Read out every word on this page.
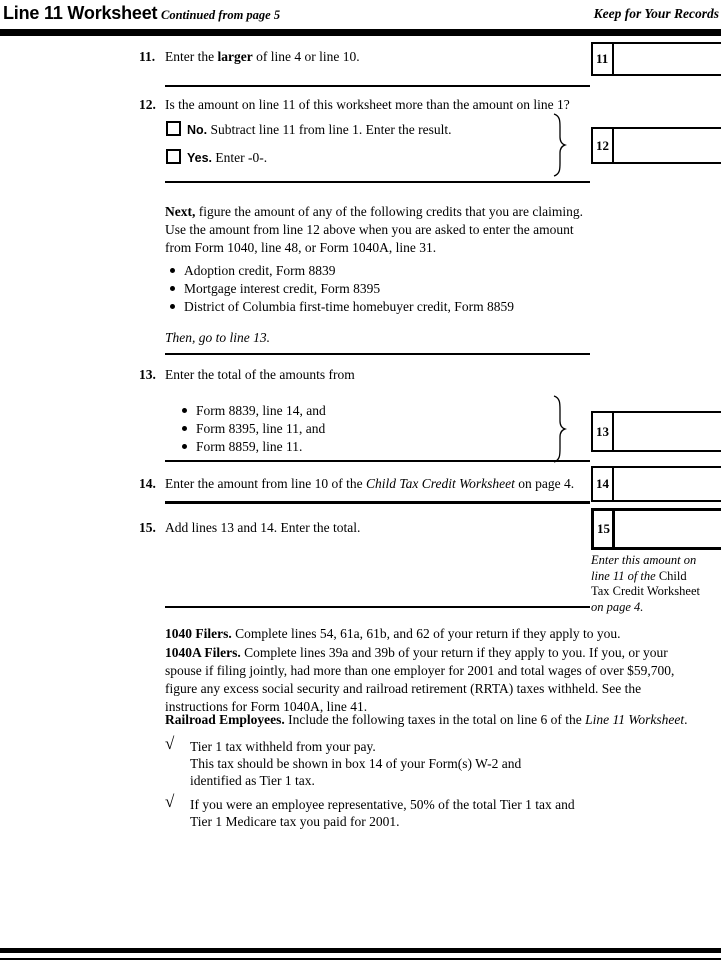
Line 11 Worksheet Continued from page 5	Keep for Your Records
11. Enter the larger of line 4 or line 10.	11
12. Is the amount on line 11 of this worksheet more than the amount on line 1?
No. Subtract line 11 from line 1. Enter the result.
Yes. Enter -0-.
12
Next, figure the amount of any of the following credits that you are claiming.
Use the amount from line 12 above when you are asked to enter the amount
from Form 1040, line 48, or Form 1040A, line 31.
Adoption credit, Form 8839
Mortgage interest credit, Form 8395
District of Columbia first-time homebuyer credit, Form 8859
Then, go to line 13.
13. Enter the total of the amounts from
Form 8839, line 14, and
Form 8395, line 11, and
Form 8859, line 11.
13
14. Enter the amount from line 10 of the Child Tax Credit Worksheet on page 4. 14
15. Add lines 13 and 14. Enter the total.	15
Enter this amount on
line 11 of the Child
Tax Credit Worksheet
on page 4.
1040 Filers. Complete lines 54, 61a, 61b, and 62 of your return if they apply to you.
1040A Filers. Complete lines 39a and 39b of your return if they apply to you. If you, or your
spouse if filing jointly, had more than one employer for 2001 and total wages of over $59,700,
figure any excess social security and railroad retirement (RRTA) taxes withheld. See the
instructions for Form 1040A, line 41.
Railroad Employees. Include the following taxes in the total on line 6 of the Line 11 Worksheet.
√ Tier 1 tax withheld from your pay.
This tax should be shown in box 14 of your Form(s) W-2 and
identified as Tier 1 tax.
√ If you were an employee representative, 50% of the total Tier 1 tax and
Tier 1 Medicare tax you paid for 2001.
